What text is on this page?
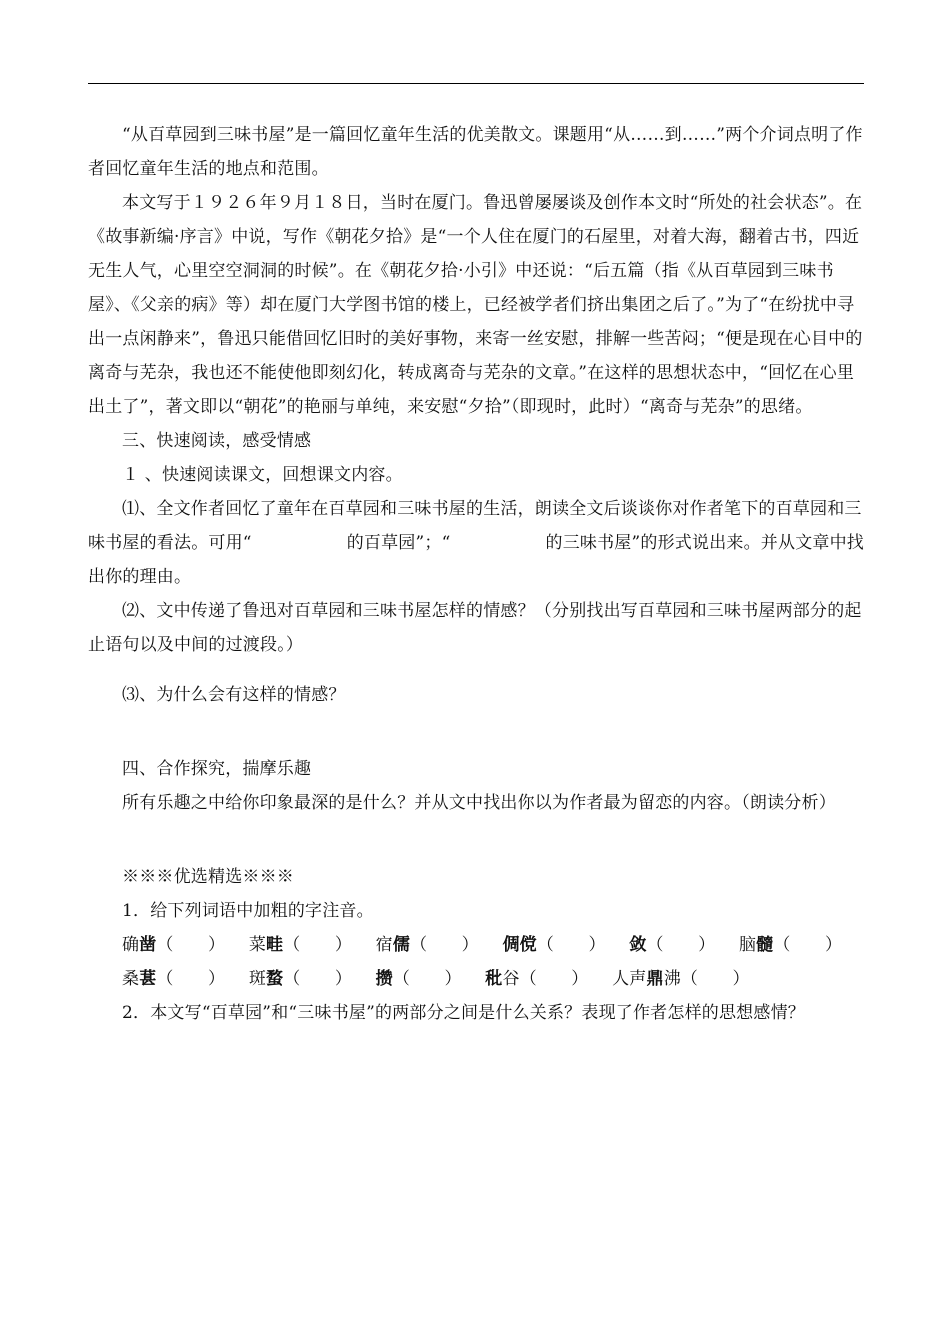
“从百草园到三味书屋”是一篇回忆童年生活的优美散文。课题用“从……到……”两个介词点明了作者回忆童年生活的地点和范围。

本文写于１９２６年９月１８日，当时在厦门。鲁迅曾屡屡谈及创作本文时“所处的社会状态”。在《故事新编·序言》中说，写作《朝花夕拾》是“一个人住在厦门的石屋里，对着大海，翻着古书，四近无生人气，心里空空洞洞的时候”。在《朝花夕拾·小引》中还说：“后五篇（指《从百草园到三味书屋》、《父亲的病》等）却在厦门大学图书馆的楼上，已经被学者们挤出集团之后了。”为了“在纷扰中寻出一点闲静来”，鲁迅只能借回忆旧时的美好事物，来寄一丝安慰，排解一些苦闷；“便是现在心目中的离奇与芜杂，我也还不能使他即刻幻化，转成离奇与芜杂的文章。”在这样的思想状态中，“回忆在心里出土了”，著文即以“朝花”的艳丽与单纯，来安慰“夕拾”（即现时，此时）“离奇与芜杂”的思绪。

三、快速阅读，感受情感

１ 、快速阅读课文，回想课文内容。

⑴、全文作者回忆了童年在百草园和三味书屋的生活，朗读全文后谈谈你对作者笔下的百草园和三味书屋的看法。可用“	的百草园”；“	的三味书屋”的形式说出来。并从文章中找出你的理由。

⑵、文中传递了鲁迅对百草园和三味书屋怎样的情感？（分别找出写百草园和三味书屋两部分的起止语句以及中间的过渡段。）

⑶、为什么会有这样的情感？

四、合作探究，揣摩乐趣

所有乐趣之中给你印象最深的是什么？并从文中找出你以为作者最为留恋的内容。（朗读分析）

※※※优选精选※※※

1．给下列词语中加粗的字注音。

确凿（　　） 菜畦（　　） 宿儒（　　） 倜傥（　　） 敛（　　） 脑髓（　　）
桑葚（　　） 斑蝥（　　） 攒（　　） 秕谷（　　） 人声鼎沸（　　）

2．本文写“百草园”和“三味书屋”的两部分之间是什么关系？表现了作者怎样的思想感情？
